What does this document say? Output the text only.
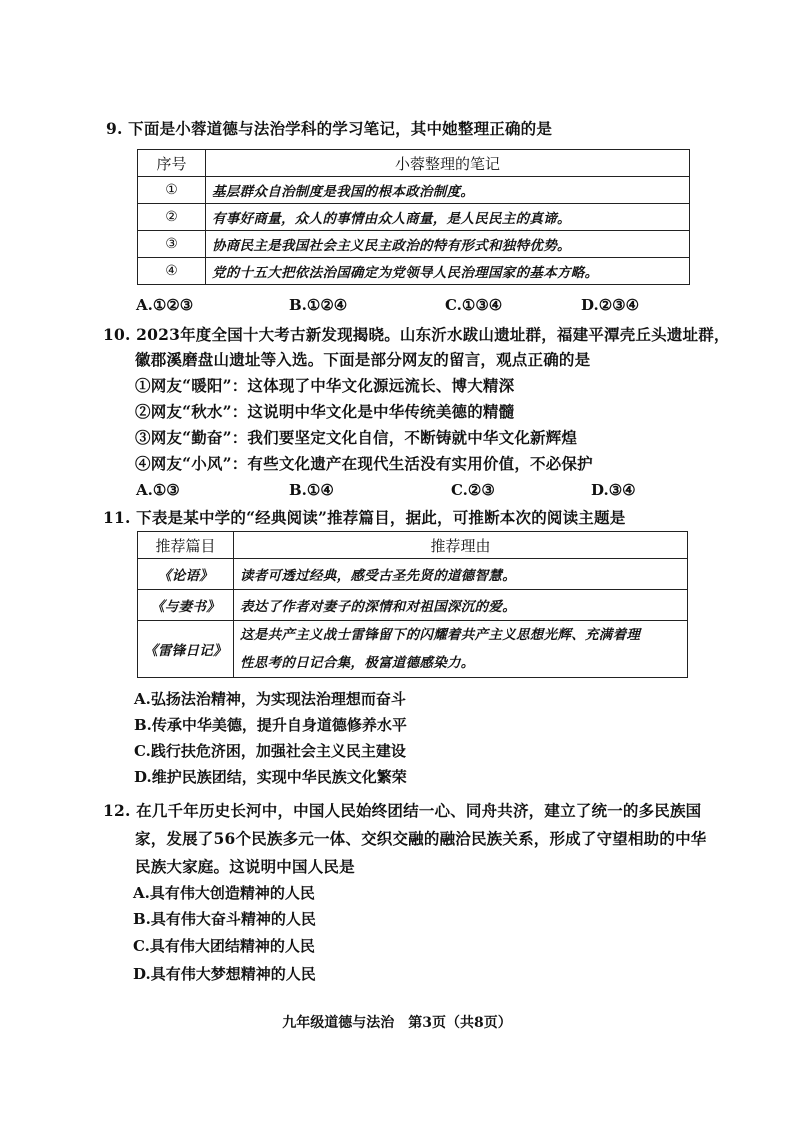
9. 下面是小蓉道德与法治学科的学习笔记，其中她整理正确的是
序号	小蓉整理的笔记
①	基层群众自治制度是我国的根本政治制度。
②	有事好商量，众人的事情由众人商量，是人民民主的真谛。
③	协商民主是我国社会主义民主政治的特有形式和独特优势。
④	党的十五大把依法治国确定为党领导人民治理国家的基本方略。
A.①②③	B.①②④	C.①③④	D.②③④
10. 2023年度全国十大考古新发现揭晓。山东沂水跋山遗址群，福建平潭壳丘头遗址群，
徽郡溪磨盘山遗址等入选。下面是部分网友的留言，观点正确的是
①网友“暖阳”：这体现了中华文化源远流长、博大精深
②网友“秋水”：这说明中华文化是中华传统美德的精髓
③网友“勤奋”：我们要坚定文化自信，不断铸就中华文化新辉煌
④网友“小风”：有些文化遗产在现代生活没有实用价值，不必保护
A.①③	B.①④	C.②③	D.③④
11. 下表是某中学的“经典阅读”推荐篇目，据此，可推断本次的阅读主题是
推荐篇目	推荐理由
《论语》	读者可透过经典，感受古圣先贤的道德智慧。
《与妻书》	表达了作者对妻子的深情和对祖国深沉的爱。
《雷锋日记》	这是共产主义战士雷锋留下的闪耀着共产主义思想光辉、充满着理
性思考的日记合集，极富道德感染力。
A.弘扬法治精神，为实现法治理想而奋斗
B.传承中华美德，提升自身道德修养水平
C.践行扶危济困，加强社会主义民主建设
D.维护民族团结，实现中华民族文化繁荣
12. 在几千年历史长河中，中国人民始终团结一心、同舟共济，建立了统一的多民族国
家，发展了56个民族多元一体、交织交融的融洽民族关系，形成了守望相助的中华
民族大家庭。这说明中国人民是
A.具有伟大创造精神的人民
B.具有伟大奋斗精神的人民
C.具有伟大团结精神的人民
D.具有伟大梦想精神的人民
九年级道德与法治　第3页（共8页）
